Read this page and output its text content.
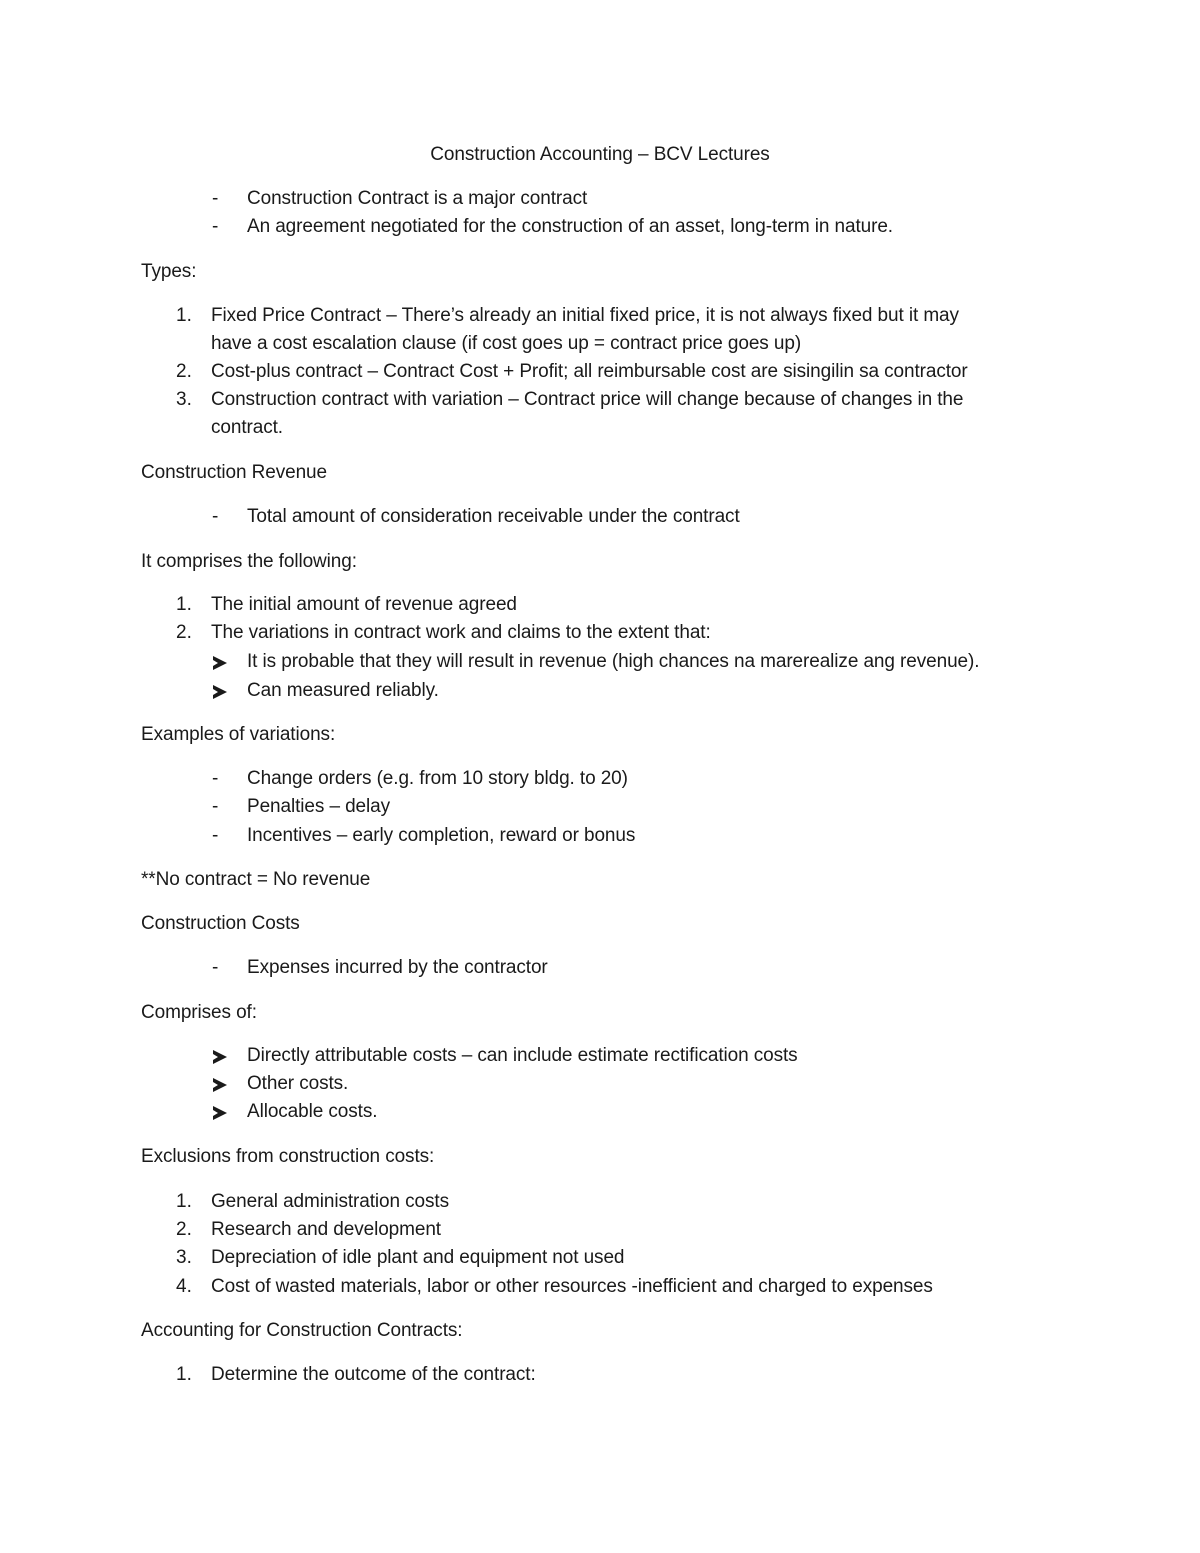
Construction Accounting – BCV Lectures
- Construction Contract is a major contract
- An agreement negotiated for the construction of an asset, long-term in nature.
Types:
1. Fixed Price Contract – There’s already an initial fixed price, it is not always fixed but it may
have a cost escalation clause (if cost goes up = contract price goes up)
2. Cost-plus contract – Contract Cost + Profit; all reimbursable cost are sisingilin sa contractor
3. Construction contract with variation – Contract price will change because of changes in the
contract.
Construction Revenue
- Total amount of consideration receivable under the contract
It comprises the following:
1. The initial amount of revenue agreed
2. The variations in contract work and claims to the extent that:
It is probable that they will result in revenue (high chances na marerealize ang revenue).
Can measured reliably.
Examples of variations:
- Change orders (e.g. from 10 story bldg. to 20)
- Penalties – delay
- Incentives – early completion, reward or bonus
**No contract = No revenue
Construction Costs
- Expenses incurred by the contractor
Comprises of:
Directly attributable costs – can include estimate rectification costs
Other costs.
Allocable costs.
Exclusions from construction costs:
1. General administration costs
2. Research and development
3. Depreciation of idle plant and equipment not used
4. Cost of wasted materials, labor or other resources -inefficient and charged to expenses
Accounting for Construction Contracts:
1. Determine the outcome of the contract:
